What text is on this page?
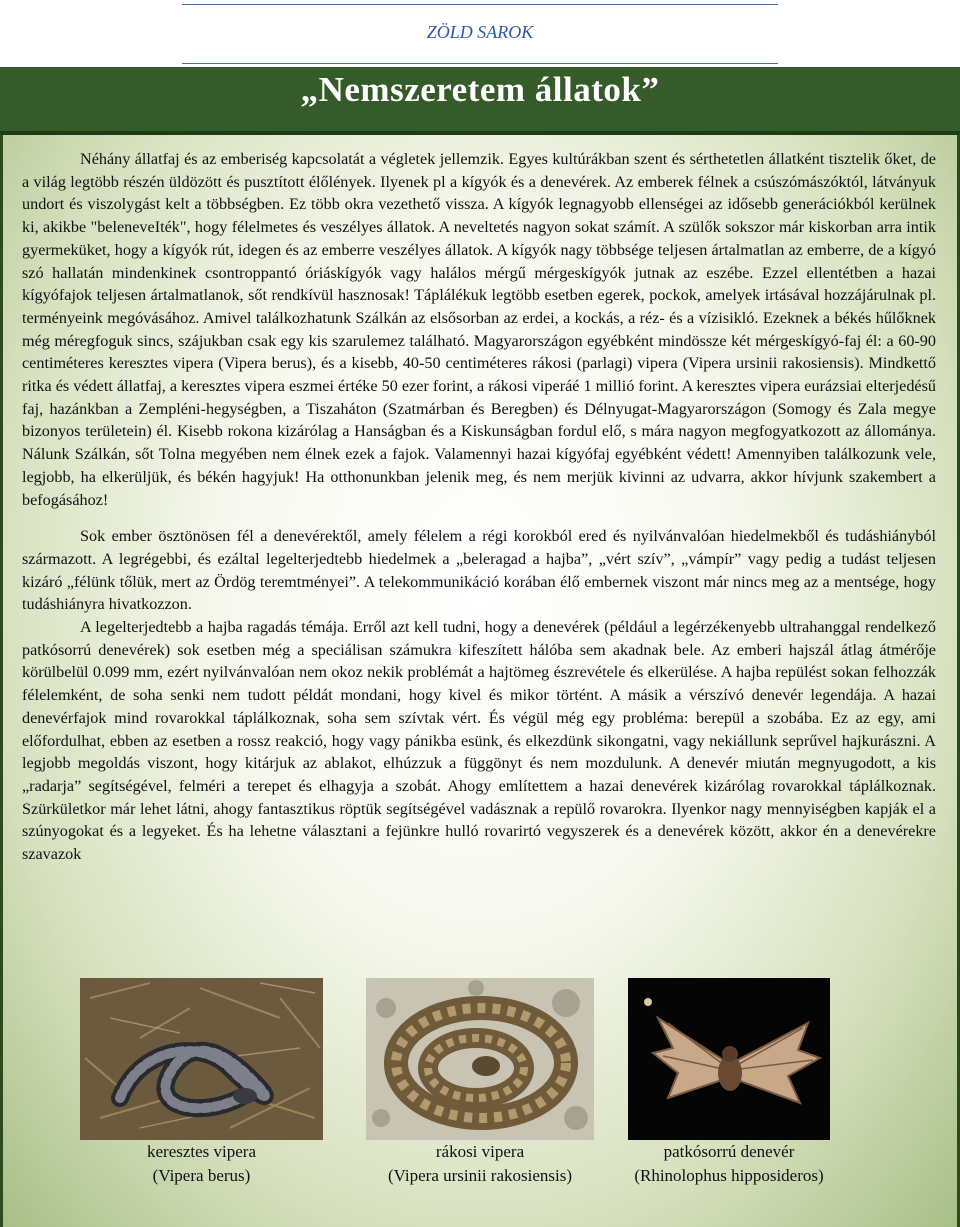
ZÖLD SAROK
„Nemszeretem állatok”

Néhány állatfaj és az emberiség kapcsolatát a végletek jellemzik. Egyes kultúrákban szent és sérthetetlen állatként tisztelik őket, de a világ legtöbb részén üldözött és pusztított élőlények. Ilyenek pl a kígyók és a denevérek. Az emberek félnek a csúszómászóktól, látványuk undort és viszolygást kelt a többségben. Ez több okra vezethető vissza. A kígyók legnagyobb ellenségei az idősebb generációkból kerülnek ki, akikbe "beleneveIték", hogy félelmetes és veszélyes állatok. A neveltetés nagyon sokat számít. A szülők sokszor már kiskorban arra intik gyermeküket, hogy a kígyók rút, idegen és az emberre veszélyes állatok. A kígyók nagy többsége teljesen ártalmatlan az emberre, de a kígyó szó hallatán mindenkinek csontroppantó óriáskígyók vagy halálos mérgű mérgeskígyók jutnak az eszébe. Ezzel ellentétben a hazai kígyófajok teljesen ártalmatlanok, sőt rendkívül hasznosak! Táplálékuk legtöbb esetben egerek, pockok, amelyek irtásával hozzájárulnak pl. terményeink megóvásához. Amivel találkozhatunk Szálkán az elsősorban az erdei, a kockás, a réz- és a vízisikló. Ezeknek a békés hűlőknek még méregfoguk sincs, szájukban csak egy kis szarulemez található. Magyarországon egyébként mindössze két mérgeskígyó-faj él: a 60-90 centiméteres keresztes vipera (Vipera berus), és a kisebb, 40-50 centiméteres rákosi (parlagi) vipera (Vipera ursinii rakosiensis). Mindkettő ritka és védett állatfaj, a keresztes vipera eszmei értéke 50 ezer forint, a rákosi viperáé 1 millió forint. A keresztes vipera eurázsiai elterjedésű faj, hazánkban a Zempléni-hegységben, a Tiszaháton (Szatmárban és Beregben) és Délnyugat-Magyarországon (Somogy és Zala megye bizonyos területein) él. Kisebb rokona kizárólag a Hanságban és a Kiskunságban fordul elő, s mára nagyon megfogyatkozott az állománya. Nálunk Szálkán, sőt Tolna megyében nem élnek ezek a fajok. Valamennyi hazai kígyófaj egyébként védett! Amennyiben találkozunk vele, legjobb, ha elkerüljük, és békén hagyjuk! Ha otthonunkban jelenik meg, és nem merjük kivinni az udvarra, akkor hívjunk szakembert a befogásához!

Sok ember ösztönösen fél a denevérektől, amely félelem a régi korokból ered és nyilvánvalóan hiedelmekből és tudáshiányból származott. A legrégebbi, és ezáltal legelterjedtebb hiedelmek a „beleragad a hajba”, „vért szív”, „vámpír” vagy pedig a tudást teljesen kizáró „félünk tőlük, mert az Ördög teremtményei”. A telekommunikáció korában élő embernek viszont már nincs meg az a mentsége, hogy tudáshiányra hivatkozzon.

A legelterjedtebb a hajba ragadás témája. Erről azt kell tudni, hogy a denevérek (például a legérzékenyebb ultrahanggal rendelkező patkósorrú denevérek) sok esetben még a speciálisan számukra kifeszített hálóba sem akadnak bele. Az emberi hajszál átlag átmérője körülbelül 0.099 mm, ezért nyilvánvalóan nem okoz nekik problémát a hajtömeg észrevétele és elkerülése. A hajba repülést sokan felhozzák félelemként, de soha senki nem tudott példát mondani, hogy kivel és mikor történt. A másik a vérszívó denevér legendája. A hazai denevérfajok mind rovarokkal táplálkoznak, soha sem szívtak vért. És végül még egy probléma: berepül a szobába. Ez az egy, ami előfordulhat, ebben az esetben a rossz reakció, hogy vagy pánikba esünk, és elkezdünk sikongatni, vagy nekiállunk seprűvel hajkurászni. A legjobb megoldás viszont, hogy kitárjuk az ablakot, elhúzzuk a függönyt és nem mozdulunk. A denevér miután megnyugodott, a kis „radarja” segítségével, felméri a terepet és elhagyja a szobát. Ahogy említettem a hazai denevérek kizárólag rovarokkal táplálkoznak. Szürkületkor már lehet látni, ahogy fantasztikus röptük segítségével vadásznak a repülő rovarokra. Ilyenkor nagy mennyiségben kapják el a szúnyogokat és a legyeket. És ha lehetne választani a fejünkre hulló rovarirtó vegyszerek és a denevérek között, akkor én a denevérekre szavazok

keresztes vipera
(Vipera berus)
rákosi vipera
(Vipera ursinii rakosiensis)
patkósorrú denevér
(Rhinolophus hipposideros)
